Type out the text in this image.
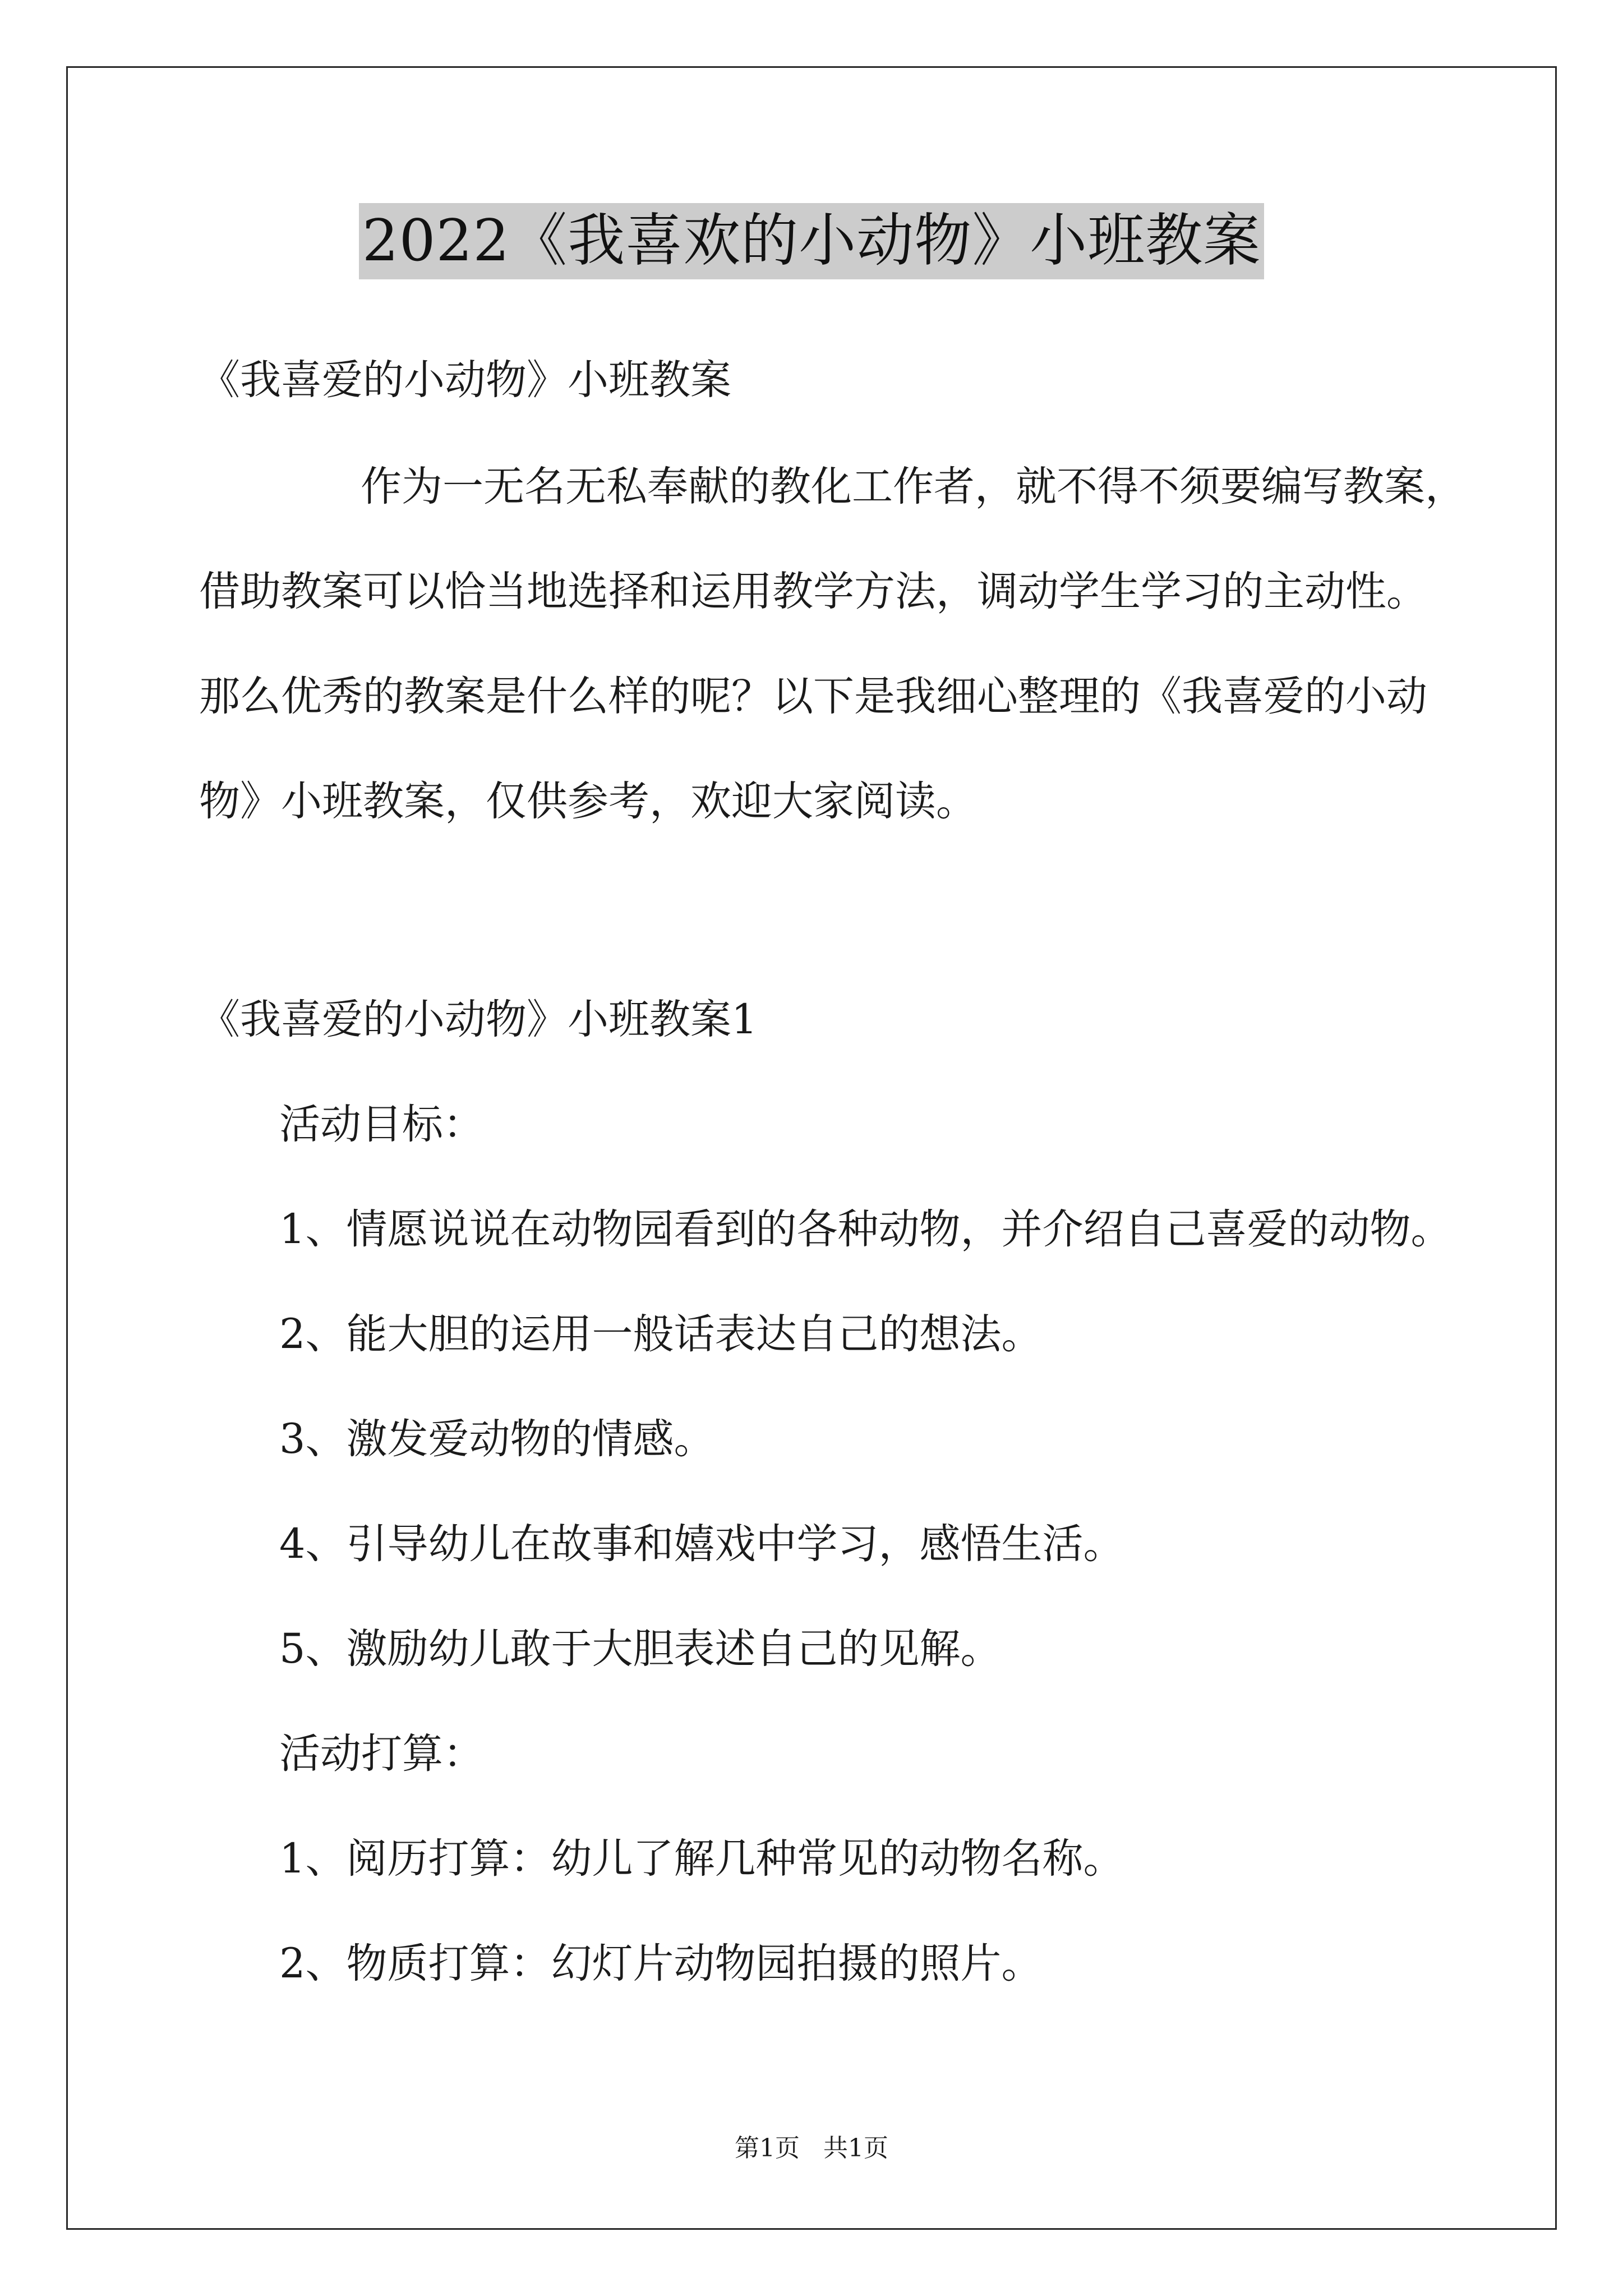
2022《我喜欢的小动物》小班教案
《我喜爱的小动物》小班教案
作为一无名无私奉献的教化工作者，就不得不须要编写教案，
借助教案可以恰当地选择和运用教学方法，调动学生学习的主动性。
那么优秀的教案是什么样的呢？以下是我细心整理的《我喜爱的小动
物》小班教案，仅供参考，欢迎大家阅读。
《我喜爱的小动物》小班教案1
活动目标：
1、情愿说说在动物园看到的各种动物，并介绍自己喜爱的动物。
2、能大胆的运用一般话表达自己的想法。
3、激发爱动物的情感。
4、引导幼儿在故事和嬉戏中学习，感悟生活。
5、激励幼儿敢于大胆表述自己的见解。
活动打算：
1、阅历打算：幼儿了解几种常见的动物名称。
2、物质打算：幻灯片动物园拍摄的照片。
第1页   共1页
